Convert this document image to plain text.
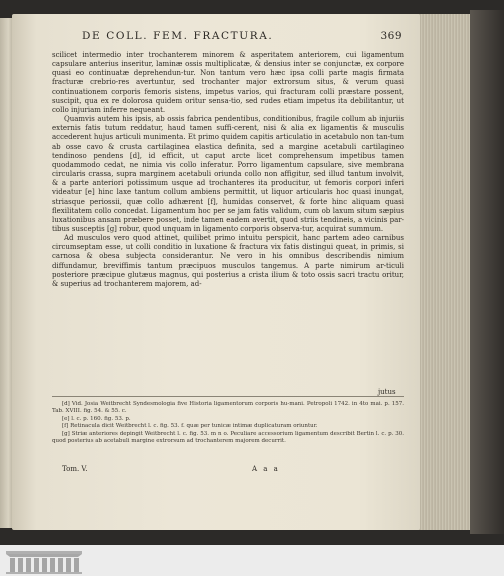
DE COLL. FEM. FRACTURA.	369

scilicet intermedio inter trochanterem minorem & asperitatem anteriorem, cui ligamentum capsulare anterius inseritur, laminæ ossis multiplicatæ, & densius inter se conjunctæ, ex corpore quasi eo continuatæ deprehendun-tur. Non tantum vero hæc ipsa colli parte magis firmata fracturæ crebrio-res avertuntur, sed trochanter major extrorsum situs, & verum quasi continuationem corporis femoris sistens, impetus varios, qui fracturam colli præstare possent, suscipit, qua ex re dolorosa quidem oritur sensa-tio, sed rudes etiam impetus ita debilitantur, ut collo injuriam inferre nequeant.

Quamvis autem his ipsis, ab ossis fabrica pendentibus, conditionibus, fragile collum ab injuriis externis fatis tutum reddatur, haud tamen suffi-cerent, nisi & alia ex ligamentis & musculis accederent hujus articuli munimenta. Et primo quidem capitis articulatio in acetabulo non tan-tum ab osse cavo & crusta cartilaginea elastica definita, sed a margine acetabuli cartilagineo tendinoso pendens [d], id efficit, ut caput arcte licet comprehensum impetibus tamen quodammodo cedat, ne nimia vis collo inferatur. Porro ligamentum capsulare, sive membrana circularis crassa, supra marginem acetabuli oriunda collo non affigitur, sed illud tantum involvit, & a parte anteriori potissimum usque ad trochanteres ita producitur, ut femoris corpori inferi videatur [e] hinc laxe tantum collum ambiens permittit, ut liquor articularis hoc quasi inungat, striasque periossii, quæ collo adhærent [f], humidas conservet, & forte hinc aliquam quasi flexilitatem collo concedat. Ligamentum hoc per se jam fatis validum, cum ob laxum situm sæpius luxationibus ansam præbere posset, inde tamen eadem avertit, quod striis tendineis, a vicinis par-tibus susceptis [g] robur, quod unquam in ligamento corporis observa-tur, acquirat summum.

Ad musculos vero quod attinet, quilibet primo intuitu perspicit, hanc partem adeo carnibus circumseptam esse, ut colli conditio in luxatione & fractura vix fatis distingui queat, in primis, si carnosa & obesa subjecta considerantur. Ne vero in his omnibus describendis nimium diffundamur, breviffimis tantum præcipuos musculos tangemus. A parte nimirum ar-ticuli posteriore præcipue glutæus magnus, qui posterius a crista ilium & toto ossis sacri tractu oritur, & superius ad trochanterem majorem, ad-

jutus

[d] Vid. Josia Weitbrecht Syndesmologia five Historia ligamentorum corporis hu-mani. Petropoli 1742. in 4to mai. p. 157. Tab. XVIII. fig. 54. & 55. c.

[e] l. c. p. 160. fig. 53. p.

[f] Retinacula dicit Weitbrecht l. c. fig. 53. f. quæ per tunicæ intimæ duplicaturam oriuntur.

[g] Striæ anteriores depingit Weitbrecht l. c. fig. 53. m n o. Peculiare accessorium ligamentum describit Bertin l. c. p. 30. quod posterius ab acetabuli margine extrorsum ad trochanterem majorem decurrit.

Tom. V.	A a a
